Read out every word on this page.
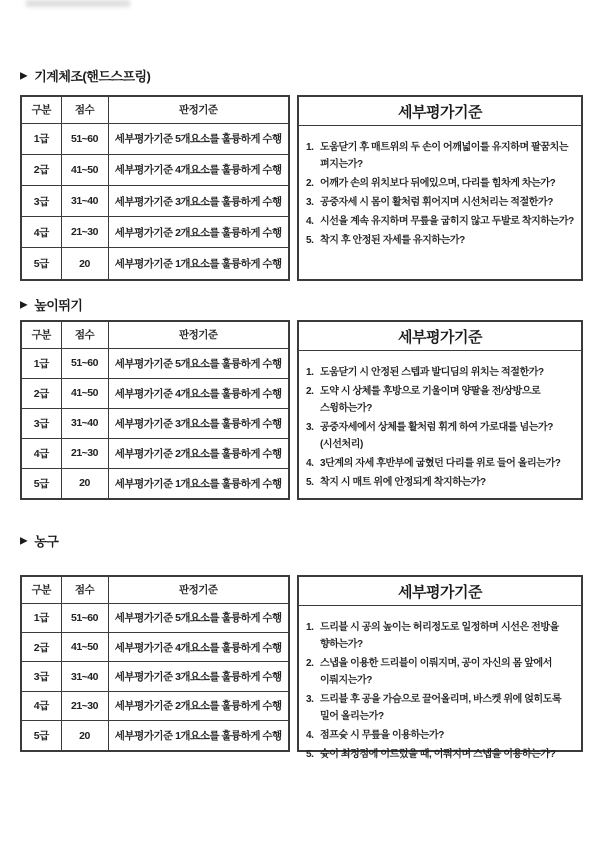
▶ 기계체조(핸드스프링)
구분	점수	판정기준
1급	51~60	세부평가기준 5개요소를 훌륭하게 수행
2급	41~50	세부평가기준 4개요소를 훌륭하게 수행
3급	31~40	세부평가기준 3개요소를 훌륭하게 수행
4급	21~30	세부평가기준 2개요소를 훌륭하게 수행
5급	20	세부평가기준 1개요소를 훌륭하게 수행
세부평가기준
1. 도움닫기 후 매트위의 두 손이 어깨넓이를 유지하며 팔꿈치는 펴지는가?
2. 어깨가 손의 위치보다 뒤에있으며, 다리를 힘차게 차는가?
3. 공중자세 시 몸이 활처럼 휘어지며 시선처리는 적절한가?
4. 시선을 계속 유지하며 무릎을 굽히지 않고 두발로 착지하는가?
5. 착지 후 안정된 자세를 유지하는가?
▶ 높이뛰기
구분	점수	판정기준
1급	51~60	세부평가기준 5개요소를 훌륭하게 수행
2급	41~50	세부평가기준 4개요소를 훌륭하게 수행
3급	31~40	세부평가기준 3개요소를 훌륭하게 수행
4급	21~30	세부평가기준 2개요소를 훌륭하게 수행
5급	20	세부평가기준 1개요소를 훌륭하게 수행
세부평가기준
1. 도움닫기 시 안정된 스텝과 발디딤의 위치는 적절한가?
2. 도약 시 상체를 후방으로 기울이며 양팔을 전/상방으로 스윙하는가?
3. 공중자세에서 상체를 활처럼 휘게 하여 가로대를 넘는가? (시선처리)
4. 3단계의 자세 후반부에 굽혔던 다리를 위로 들어 올리는가?
5. 착지 시 매트 위에 안정되게 착지하는가?
▶ 농구
구분	점수	판정기준
1급	51~60	세부평가기준 5개요소를 훌륭하게 수행
2급	41~50	세부평가기준 4개요소를 훌륭하게 수행
3급	31~40	세부평가기준 3개요소를 훌륭하게 수행
4급	21~30	세부평가기준 2개요소를 훌륭하게 수행
5급	20	세부평가기준 1개요소를 훌륭하게 수행
세부평가기준
1. 드리블 시 공의 높이는 허리정도로 일정하며 시선은 전방을 향하는가?
2. 스냅을 이용한 드리블이 이뤄지며, 공이 자신의 몸 앞에서 이뤄지는가?
3. 드리블 후 공을 가슴으로 끌어올리며, 바스켓 위에 얹히도록 밀어 올리는가?
4. 점프슛 시 무릎을 이용하는가?
5. 슛이 최정점에 이르렀을 때, 이뤄지며 스냅을 이용하는가?
